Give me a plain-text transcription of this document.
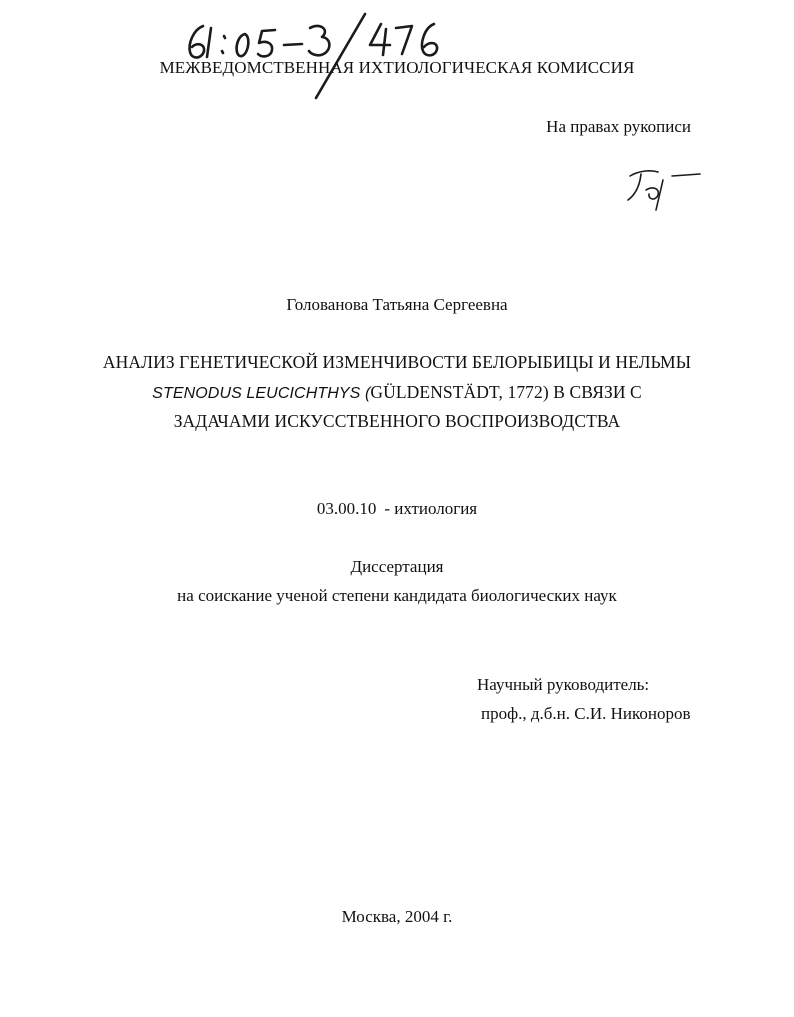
МЕЖВЕДОМСТВЕННАЯ ИХТИОЛОГИЧЕСКАЯ КОМИССИЯ
На правах рукописи
Голованова Татьяна Сергеевна
АНАЛИЗ ГЕНЕТИЧЕСКОЙ ИЗМЕНЧИВОСТИ БЕЛОРЫБИЦЫ И НЕЛЬМЫ
STENODUS LEUCICHTHYS (GÜLDENSTÄDT, 1772) В СВЯЗИ С
ЗАДАЧАМИ ИСКУССТВЕННОГО ВОСПРОИЗВОДСТВА
03.00.10 - ихтиология
Диссертация
на соискание ученой степени кандидата биологических наук
Научный руководитель:
проф., д.б.н. С.И. Никоноров
Москва, 2004 г.
